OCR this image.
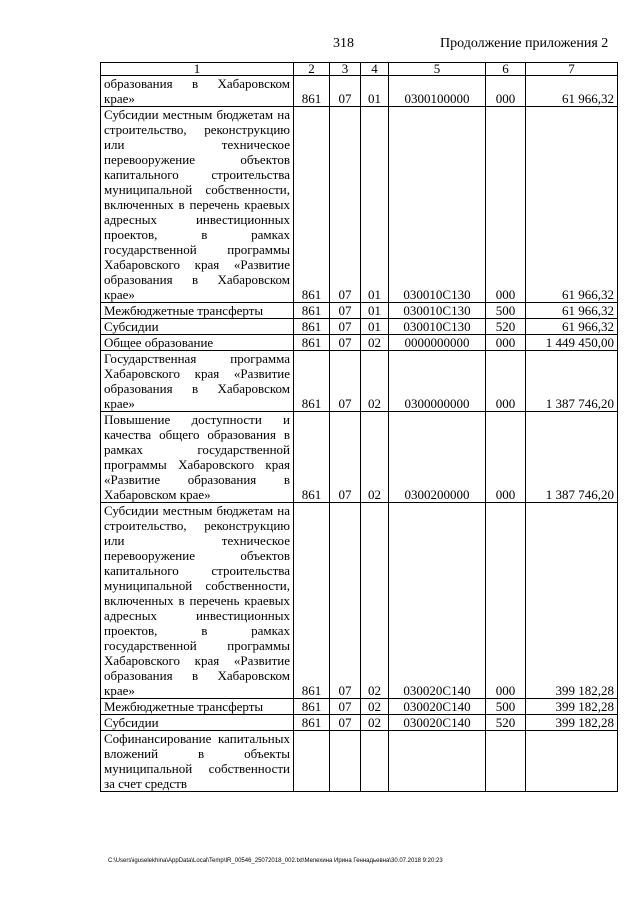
318	Продолжение приложения 2
1	2	3	4	5	6	7
образования в Хабаровском крае»	861	07	01	0300100000	000	61 966,32
Субсидии местным бюджетам на строительство, реконструкцию или техническое перевооружение объектов капитального строительства муниципальной собственности, включенных в перечень краевых адресных инвестиционных проектов, в рамках государственной программы Хабаровского края «Развитие образования в Хабаровском крае»	861	07	01	030010С130	000	61 966,32
Межбюджетные трансферты	861	07	01	030010С130	500	61 966,32
Субсидии	861	07	01	030010С130	520	61 966,32
Общее образование	861	07	02	0000000000	000	1 449 450,00
Государственная программа Хабаровского края «Развитие образования в Хабаровском крае»	861	07	02	0300000000	000	1 387 746,20
Повышение доступности и качества общего образования в рамках государственной программы Хабаровского края «Развитие образования в Хабаровском крае»	861	07	02	0300200000	000	1 387 746,20
Субсидии местным бюджетам на строительство, реконструкцию или техническое перевооружение объектов капитального строительства муниципальной собственности, включенных в перечень краевых адресных инвестиционных проектов, в рамках государственной программы Хабаровского края «Развитие образования в Хабаровском крае»	861	07	02	030020С140	000	399 182,28
Межбюджетные трансферты	861	07	02	030020С140	500	399 182,28
Субсидии	861	07	02	030020С140	520	399 182,28
Софинансирование капитальных вложений в объекты муниципальной собственности за счет средств						
C:\Users\iguselekhina\AppData\Local\Temp\IR_00546_25072018_002.txt\Мелехина Ирина Геннадьевна\30.07.2018 9:20:23
